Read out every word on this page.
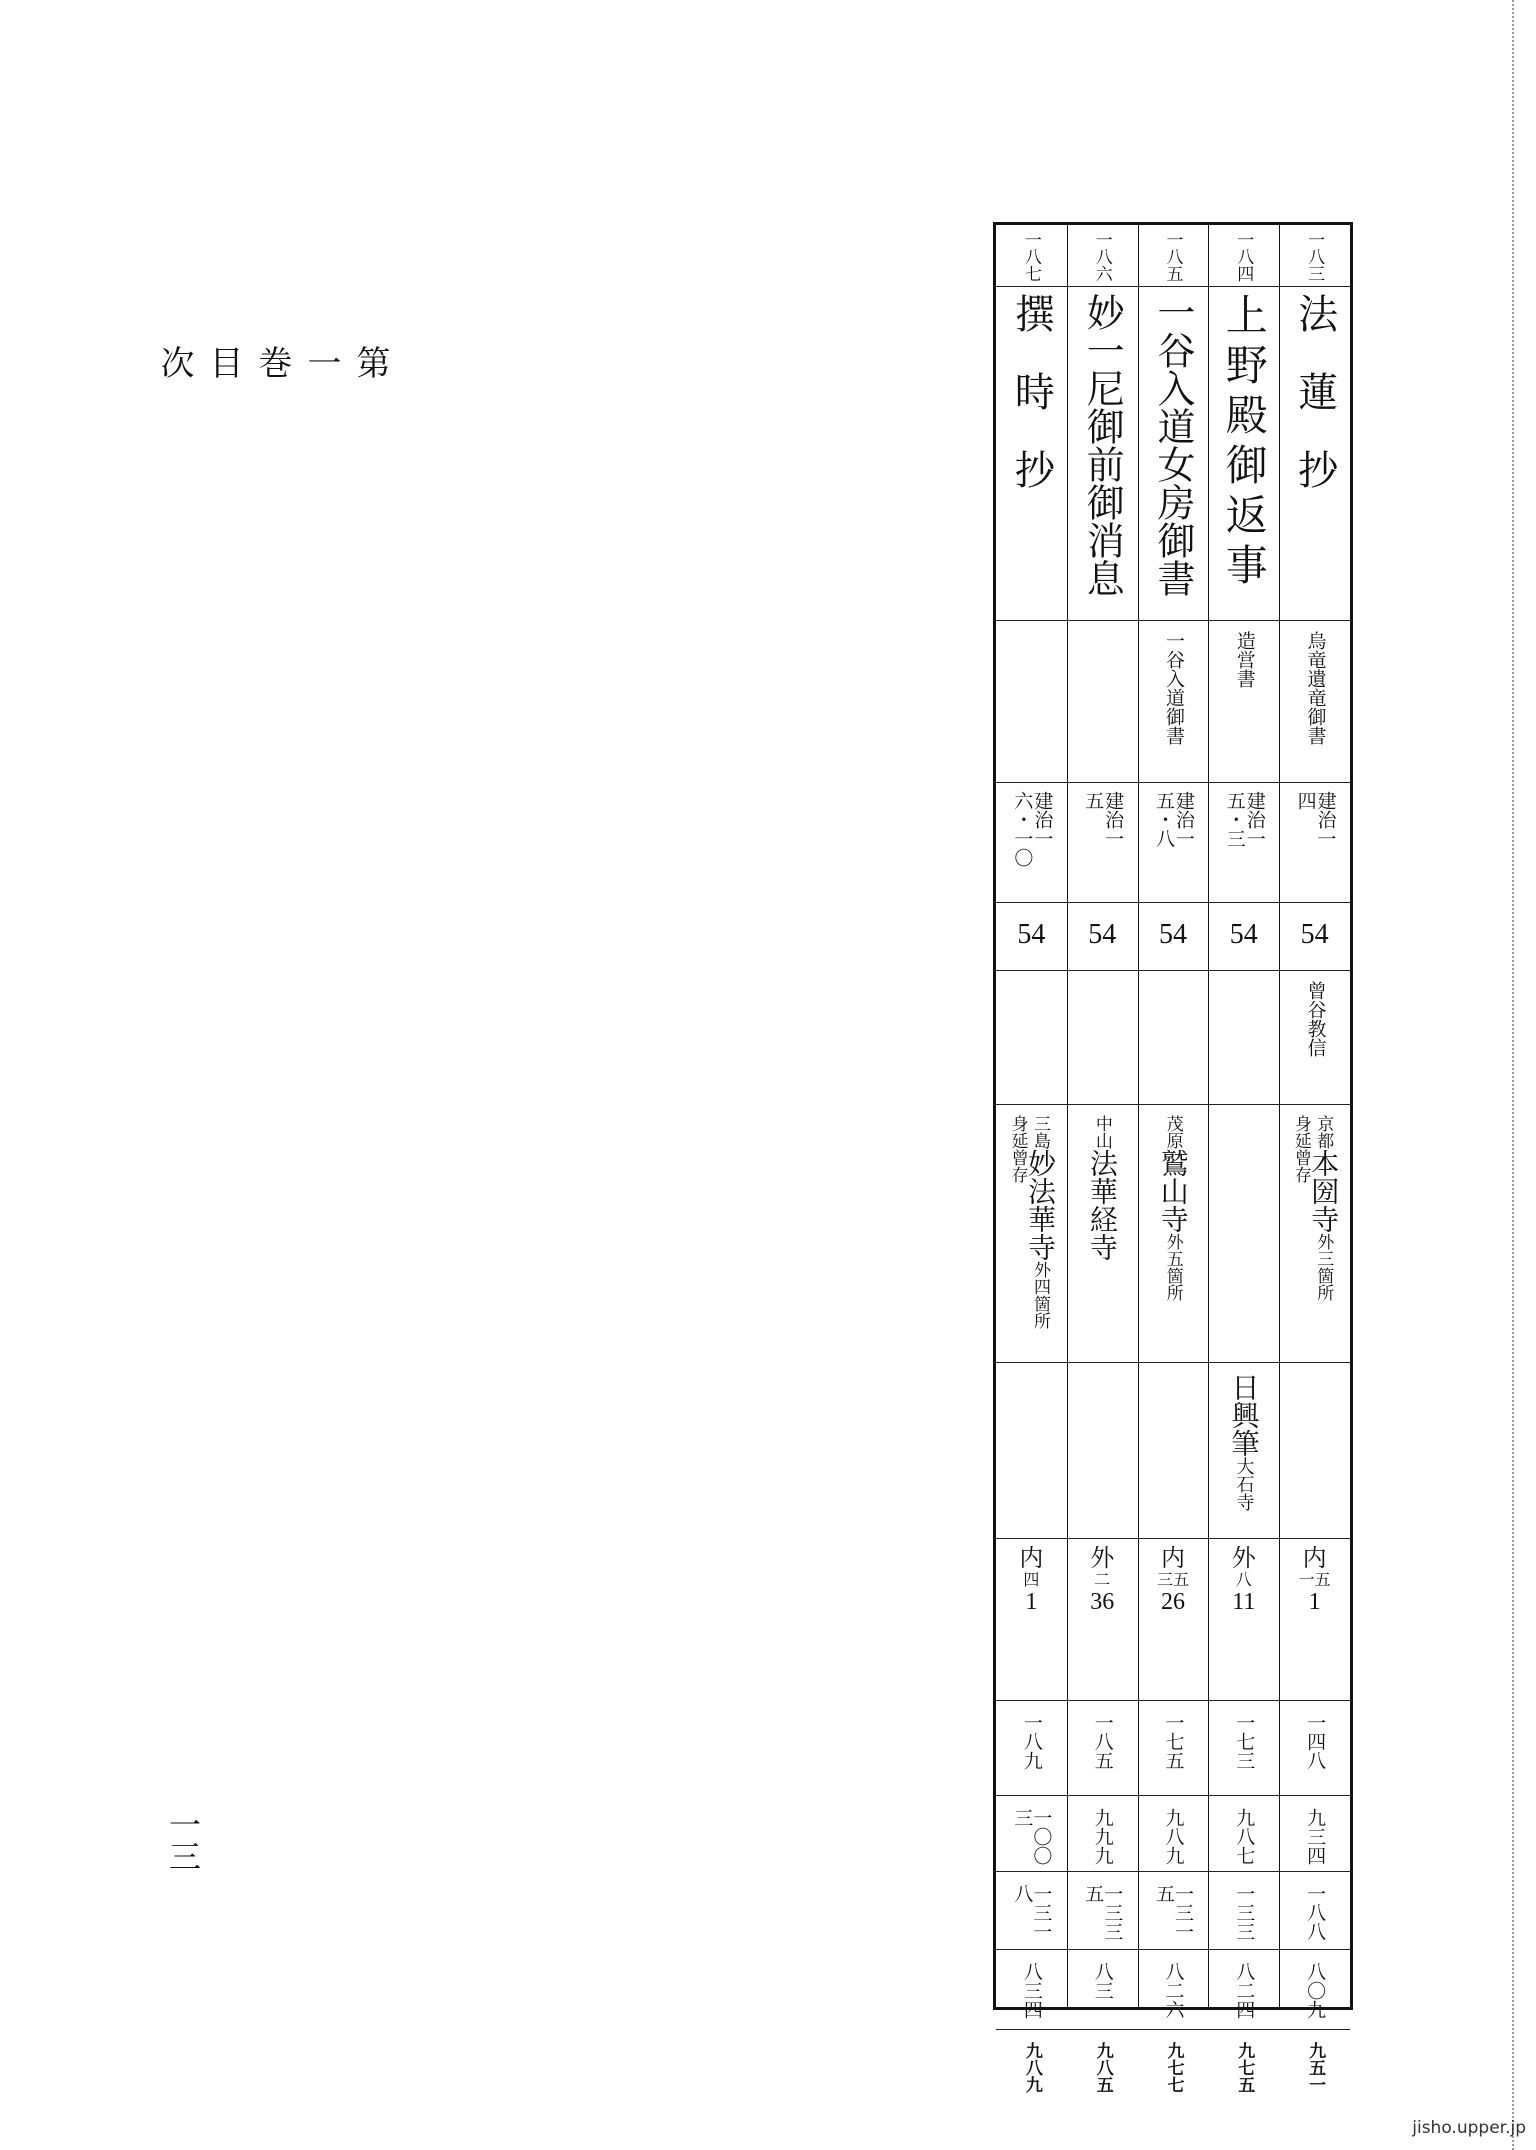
第
一
巻
目
次
一三
一八三
法蓮抄
烏竜遺竜御書
建治一
四
54
曾谷教信
京都本圀寺外三箇所
身延曾存
内
一五
1
一四八
九三四
一八八
八〇九
九五一
一八四
上野殿御返事
造営書
建治一
五・三
54
日興筆大石寺
外
八
11
一七三
九八七
一三三
八二四
九七五
一八五
一谷入道女房御書
一谷入道御書
建治一
五・八
54
茂原鷲山寺外五箇所
内
三五
26
一七五
九八九
一三一五
八二六
九七七
一八六
妙一尼御前御消息
建治一
五
54
中山法華経寺
外
二
36
一八五
九九九
一三三五
八三一
九八五
一八七
撰時抄
建治一
六・一〇
54
三島妙法華寺外四箇所
身延曾存
内
四
1
一八九
一〇〇三
一三一八
八三四
九八九
jisho.upper.jp
